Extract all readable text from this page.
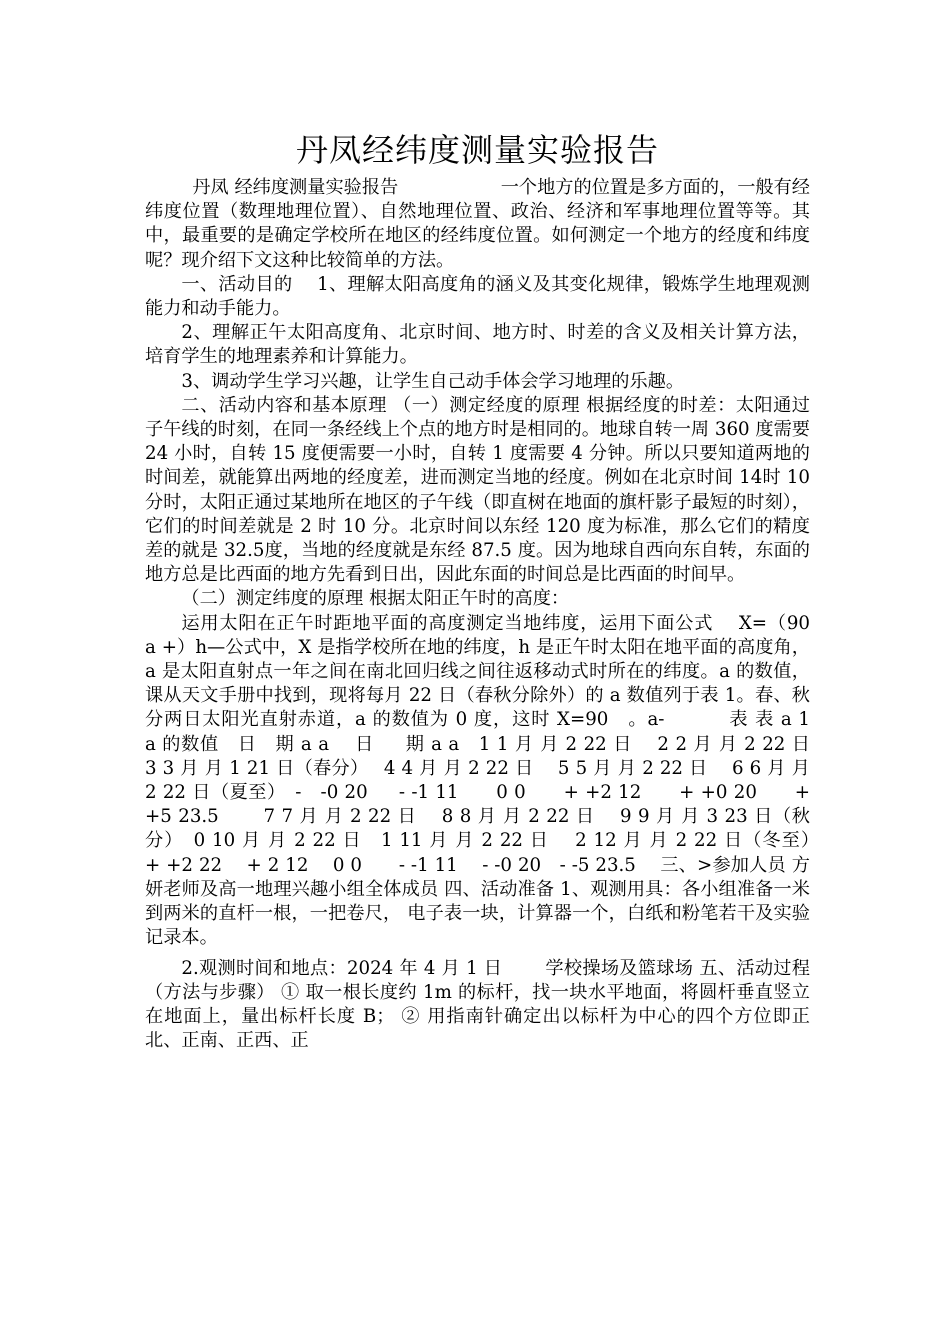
丹凤经纬度测量实验报告

丹凤 经纬度测量实验报告 　　　　　 一个地方的位置是多方面的，一般有经纬度位置（数理地理位置）、自然地理位置、政治、经济和军事地理位置等等。其中，最重要的是确定学校所在地区的经纬度位置。如何测定一个地方的经度和纬度呢？现介绍下文这种比较简单的方法。

一、活动目的 　1、理解太阳高度角的涵义及其变化规律，锻炼学生地理观测能力和动手能力。

2、理解正午太阳高度角、北京时间、地方时、时差的含义及相关计算方法，培育学生的地理素养和计算能力。

3、调动学生学习兴趣，让学生自己动手体会学习地理的乐趣。

二、活动内容和基本原理 （一）测定经度的原理 根据经度的时差：太阳通过子午线的时刻，在同一条经线上个点的地方时是相同的。地球自转一周 360 度需要 24 小时，自转 15 度便需要一小时，自转 1 度需要 4 分钟。所以只要知道两地的时间差，就能算出两地的经度差，进而测定当地的经度。例如在北京时间 14时 10分时，太阳正通过某地所在地区的子午线（即直树在地面的旗杆影子最短的时刻），它们的时间差就是 2 时 10 分。北京时间以东经 120 度为标准，那么它们的精度差的就是 32.5度，当地的经度就是东经 87.5 度。因为地球自西向东自转，东面的地方总是比西面的地方先看到日出，因此东面的时间总是比西面的时间早。

（二）测定纬度的原理 根据太阳正午时的高度：

运用太阳在正午时距地平面的高度测定当地纬度，运用下面公式　 X=（90　a +）h—公式中，X 是指学校所在地的纬度，h 是正午时太阳在地平面的高度角，a 是太阳直射点一年之间在南北回归线之间往返移动式时所在的纬度。a 的数值，课从天文手册中找到，现将每月 22 日（春秋分除外）的 a 数值列于表 1。春、秋分两日太阳光直射赤道，a 的数值为 0 度，这时 X=90　。a-　　　 表 表 a 1 　 a 的数值　日　期 a a　 日 　 期 a a　1 1 月 月 2 22 日 　2 2 月 月 2 22 日　 3 3 月 月 1 21 日（春分）　 4 4 月 月 2 22 日 　5 5 月 月 2 22 日　 6 6 月 月 2 22 日（夏至）　-　-0 20 　 - -1 11　　0 0　　+ +2 12　　+ +0 20　　+ +5 23.5　　 7 7 月 月 2 22 日　 8 8 月 月 2 22 日　 9 9 月 月 3 23 日（秋分）　0 10 月 月 2 22 日　1 11 月 月 2 22 日　 2 12 月 月 2 22 日（冬至）　 + +2 22　 + 2 12　 0 0　　- -1 11　 - -0 20　- -5 23.5　 三、>参加人员 方妍老师及高一地理兴趣小组全体成员 四、活动准备 1、观测用具：各小组准备一米到两米的直杆一根，一把卷尺， 电子表一块，计算器一个，白纸和粉笔若干及实验记录本。

2.观测时间和地点：2024 年 4 月 1 日 　　学校操场及篮球场 五、活动过程（方法与步骤） ① 取一根长度约 1m 的标杆，找一块水平地面，将圆杆垂直竖立在地面上，量出标杆长度 B； ② 用指南针确定出以标杆为中心的四个方位即正北、正南、正西、正
